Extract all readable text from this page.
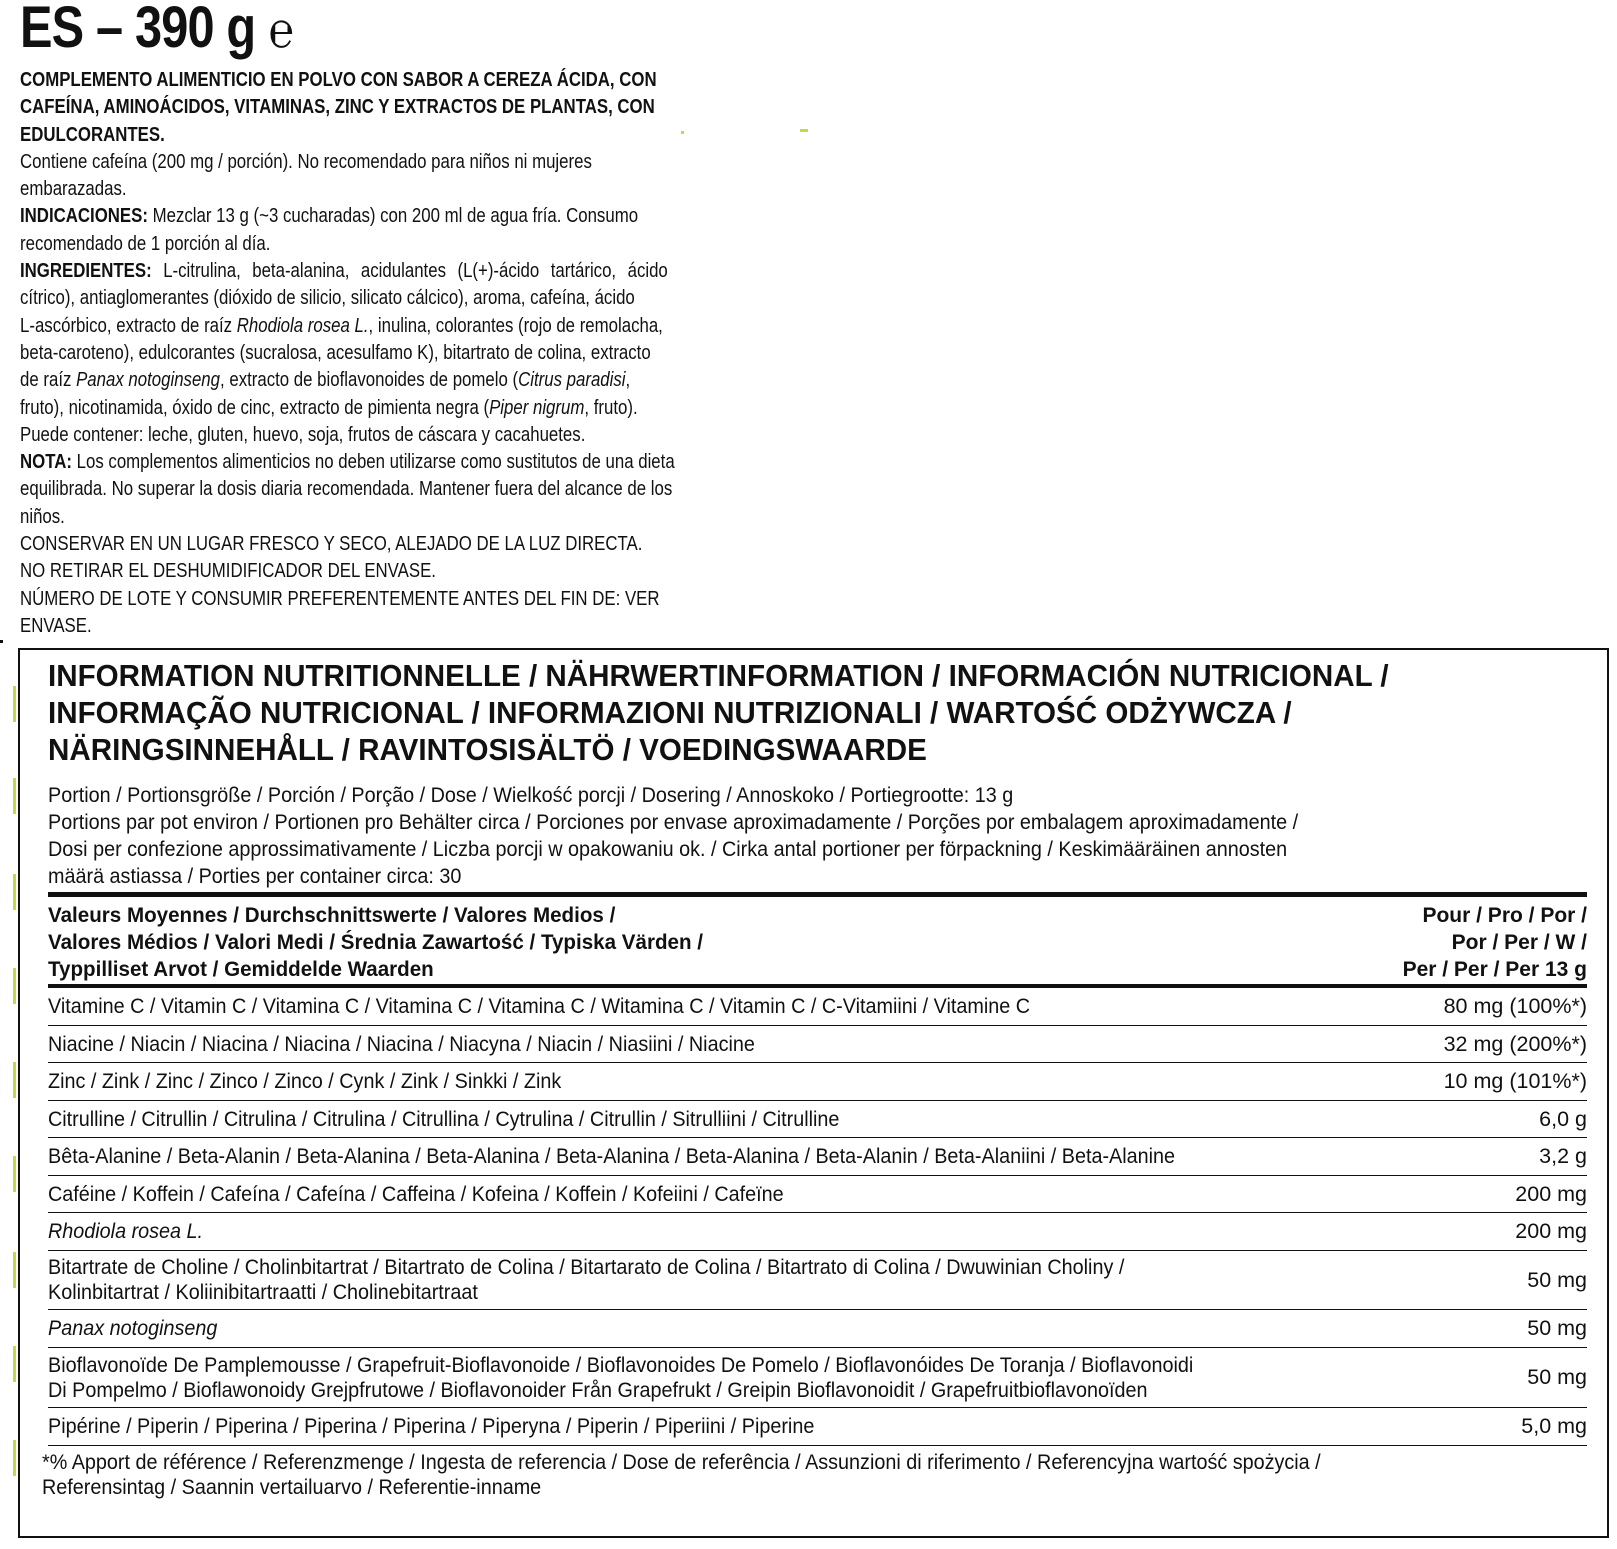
ES – 390 g ℮
COMPLEMENTO ALIMENTICIO EN POLVO CON SABOR A CEREZA ÁCIDA, CON
CAFEÍNA, AMINOÁCIDOS, VITAMINAS, ZINC Y EXTRACTOS DE PLANTAS, CON
EDULCORANTES.
Contiene cafeína (200 mg / porción). No recomendado para niños ni mujeres
embarazadas.
INDICACIONES: Mezclar 13 g (~3 cucharadas) con 200 ml de agua fría. Consumo
recomendado de 1 porción al día.
INGREDIENTES: L-citrulina, beta-alanina, acidulantes (L(+)-ácido tartárico, ácido
cítrico), antiaglomerantes (dióxido de silicio, silicato cálcico), aroma, cafeína, ácido
L-ascórbico, extracto de raíz Rhodiola rosea L., inulina, colorantes (rojo de remolacha,
beta-caroteno), edulcorantes (sucralosa, acesulfamo K), bitartrato de colina, extracto
de raíz Panax notoginseng, extracto de bioflavonoides de pomelo (Citrus paradisi,
fruto), nicotinamida, óxido de cinc, extracto de pimienta negra (Piper nigrum, fruto).
Puede contener: leche, gluten, huevo, soja, frutos de cáscara y cacahuetes.
NOTA: Los complementos alimenticios no deben utilizarse como sustitutos de una dieta
equilibrada. No superar la dosis diaria recomendada. Mantener fuera del alcance de los
niños.
CONSERVAR EN UN LUGAR FRESCO Y SECO, ALEJADO DE LA LUZ DIRECTA.
NO RETIRAR EL DESHUMIDIFICADOR DEL ENVASE.
NÚMERO DE LOTE Y CONSUMIR PREFERENTEMENTE ANTES DEL FIN DE: VER
ENVASE.
INFORMATION NUTRITIONNELLE / NÄHRWERTINFORMATION / INFORMACIÓN NUTRICIONAL /
INFORMAÇÃO NUTRICIONAL / INFORMAZIONI NUTRIZIONALI / WARTOŚĆ ODŻYWCZA /
NÄRINGSINNEHÅLL / RAVINTOSISÄLTÖ / VOEDINGSWAARDE
Portion / Portionsgröße / Porción / Porção / Dose / Wielkość porcji / Dosering / Annoskoko / Portiegrootte: 13 g
Portions par pot environ / Portionen pro Behälter circa / Porciones por envase aproximadamente / Porções por embalagem aproximadamente /
Dosi per confezione approssimativamente / Liczba porcji w opakowaniu ok. / Cirka antal portioner per förpackning / Keskimääräinen annosten
määrä astiassa / Porties per container circa: 30
Valeurs Moyennes / Durchschnittswerte / Valores Medios /
Valores Médios / Valori Medi / Średnia Zawartość / Typiska Värden /
Typpilliset Arvot / Gemiddelde Waarden
Pour / Pro / Por /
Por / Per / W /
Per / Per / Per 13 g
Vitamine C / Vitamin C / Vitamina C / Vitamina C / Vitamina C / Witamina C / Vitamin C / C-Vitamiini / Vitamine C	80 mg (100%*)
Niacine / Niacin / Niacina / Niacina / Niacina / Niacyna / Niacin / Niasiini / Niacine	32 mg (200%*)
Zinc / Zink / Zinc / Zinco / Zinco / Cynk / Zink / Sinkki / Zink	10 mg (101%*)
Citrulline / Citrullin / Citrulina / Citrulina / Citrullina / Cytrulina / Citrullin / Sitrulliini / Citrulline	6,0 g
Bêta-Alanine / Beta-Alanin / Beta-Alanina / Beta-Alanina / Beta-Alanina / Beta-Alanina / Beta-Alanin / Beta-Alaniini / Beta-Alanine	3,2 g
Caféine / Koffein / Cafeína / Cafeína / Caffeina / Kofeina / Koffein / Kofeiini / Cafeïne	200 mg
Rhodiola rosea L.	200 mg
Bitartrate de Choline / Cholinbitartrat / Bitartrato de Colina / Bitartarato de Colina / Bitartrato di Colina / Dwuwinian Choliny /
Kolinbitartrat / Koliinibitartraatti / Cholinebitartraat
50 mg
Panax notoginseng	50 mg
Bioflavonoïde De Pamplemousse / Grapefruit-Bioflavonoide / Bioflavonoides De Pomelo / Bioflavonóides De Toranja / Bioflavonoidi
Di Pompelmo / Bioflawonoidy Grejpfrutowe / Bioflavonoider Från Grapefrukt / Greipin Bioflavonoidit / Grapefruitbioflavonoïden
50 mg
Pipérine / Piperin / Piperina / Piperina / Piperina / Piperyna / Piperin / Piperiini / Piperine	5,0 mg
*% Apport de référence / Referenzmenge / Ingesta de referencia / Dose de referência / Assunzioni di riferimento / Referencyjna wartość spożycia /
Referensintag / Saannin vertailuarvo / Referentie-inname
